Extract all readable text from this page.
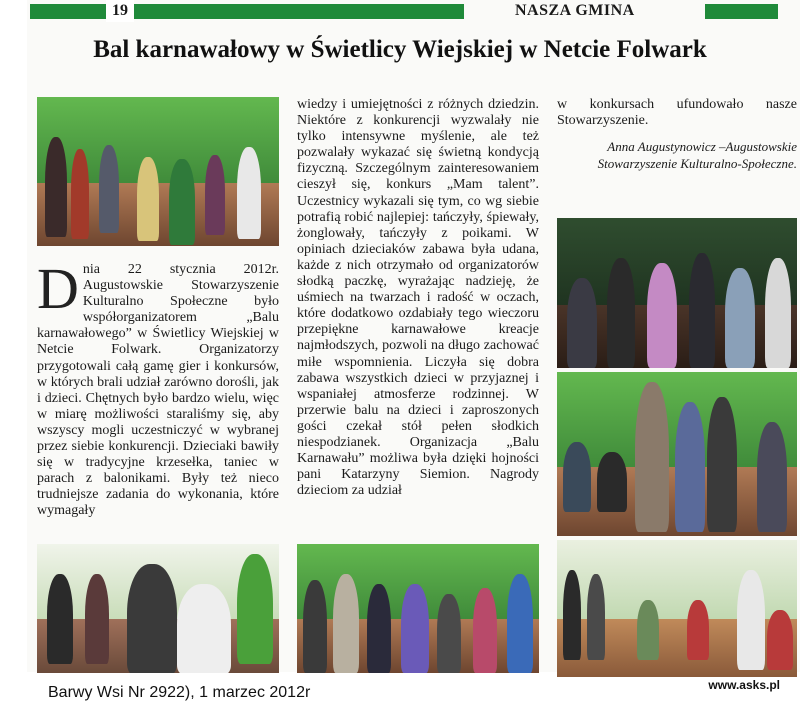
19	NASZA GMINA
Bal karnawałowy w Świetlicy Wiejskiej w Netcie Folwark
D nia 22 stycznia 2012r. Augustowskie Stowarzyszenie Kulturalno Społeczne było współorganizatorem „Balu karnawałowego” w Świetlicy Wiejskiej w Netcie Folwark. Organizatorzy przygotowali całą gamę gier i konkursów, w których brali udział zarówno dorośli, jak i dzieci. Chętnych było bardzo wielu, więc w miarę możliwości staraliśmy się, aby wszyscy mogli uczestniczyć w wybranej przez siebie konkurencji. Dzieciaki bawiły się w tradycyjne krzesełka, taniec w parach z balonikami. Były też nieco trudniejsze zadania do wykonania, które wymagały

wiedzy i umiejętności z różnych dziedzin. Niektóre z konkurencji wyzwalały nie tylko intensywne myślenie, ale też pozwalały wykazać się świetną kondycją fizyczną. Szczególnym zainteresowaniem cieszył się, konkurs „Mam talent”. Uczestnicy wykazali się tym, co wg siebie potrafią robić najlepiej: tańczyły, śpiewały, żonglowały, tańczyły z poikami. W opiniach dzieciaków zabawa była udana, każde z nich otrzymało od organizatorów słodką paczkę, wyrażając nadzieję, że uśmiech na twarzach i radość w oczach, które dodatkowo ozdabiały tego wieczoru przepiękne karnawałowe kreacje najmłodszych, pozwoli na długo zachować miłe wspomnienia. Liczyła się dobra zabawa wszystkich dzieci w przyjaznej i wspaniałej atmosferze rodzinnej. W przerwie balu na dzieci i zaproszonych gości czekał stół pełen słodkich niespodzianek. Organizacja „Balu Karnawału” możliwa była dzięki hojności pani Katarzyny Siemion. Nagrody dzieciom za udział

w konkursach ufundowało nasze Stowarzyszenie.

Anna Augustynowicz –Augustowskie
Stowarzyszenie Kulturalno-Społeczne.
Barwy Wsi Nr 2922), 1 marzec 2012r	www.asks.pl
